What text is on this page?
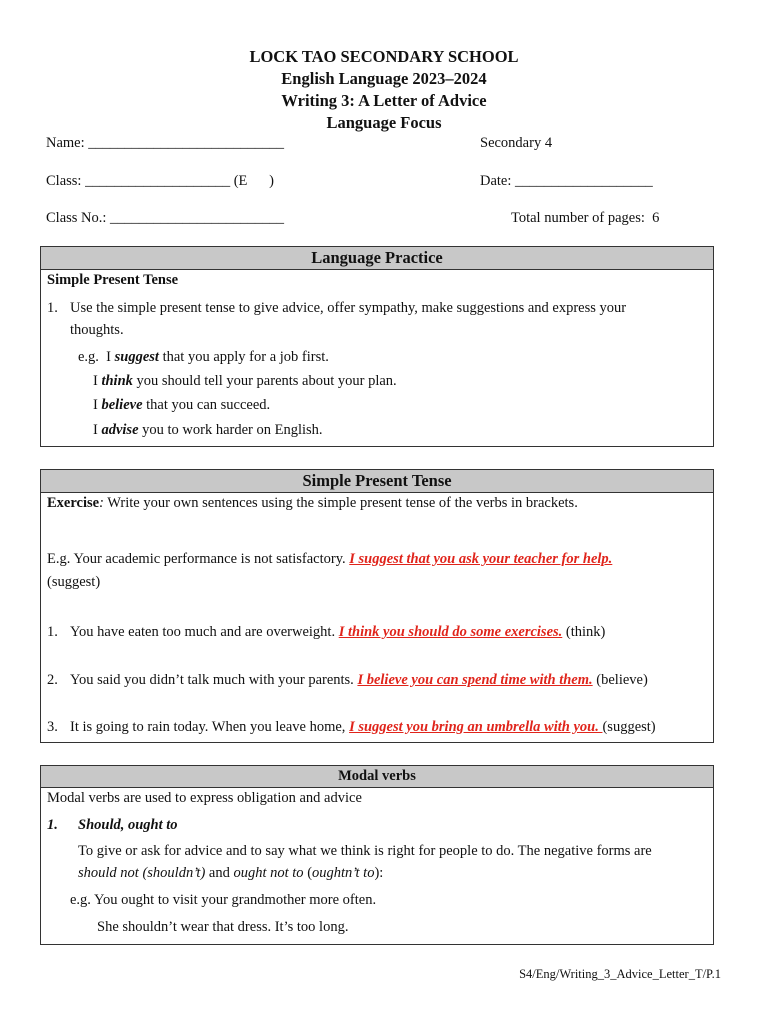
LOCK TAO SECONDARY SCHOOL
English Language 2023–2024
Writing 3: A Letter of Advice
Language Focus
Name: ___________________________	Secondary 4
Class: ____________________ (E      )	Date: ___________________
Class No.: ________________________	Total number of pages:  6
Language Practice
Simple Present Tense
1. Use the simple present tense to give advice, offer sympathy, make suggestions and express your
thoughts.
e.g.  I suggest that you apply for a job first.
I think you should tell your parents about your plan.
I believe that you can succeed.
I advise you to work harder on English.
Simple Present Tense
Exercise: Write your own sentences using the simple present tense of the verbs in brackets.
E.g. Your academic performance is not satisfactory. I suggest that you ask your teacher for help.
(suggest)
1. You have eaten too much and are overweight. I think you should do some exercises. (think)
2. You said you didn’t talk much with your parents. I believe you can spend time with them. (believe)
3. It is going to rain today. When you leave home, I suggest you bring an umbrella with you. (suggest)
Modal verbs
Modal verbs are used to express obligation and advice
1. Should, ought to
To give or ask for advice and to say what we think is right for people to do. The negative forms are
should not (shouldn’t) and ought not to (oughtn’t to):
e.g. You ought to visit your grandmother more often.
She shouldn’t wear that dress. It’s too long.
S4/Eng/Writing_3_Advice_Letter_T/P.1
